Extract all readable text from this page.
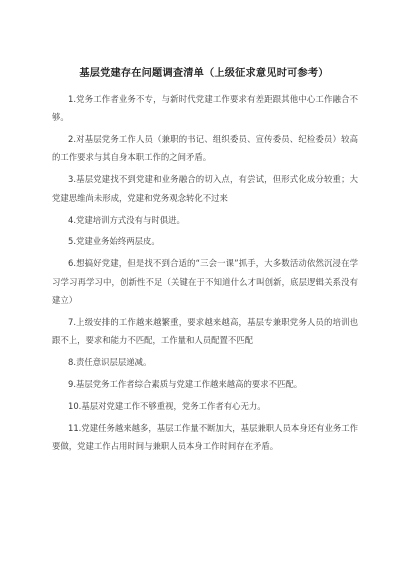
基层党建存在问题调查清单（上级征求意见时可参考）

1.党务工作者业务不专，与新时代党建工作要求有差距跟其他中心工作融合不够。

2.对基层党务工作人员（兼职的书记、组织委员、宣传委员、纪检委员）较高的工作要求与其自身本职工作的之间矛盾。

3.基层党建找不到党建和业务融合的切入点，有尝试，但形式化成分较重；大党建思维尚未形成，党建和党务观念转化不过来

4.党建培训方式没有与时俱进。

5.党建业务始终两层皮。

6.想搞好党建，但是找不到合适的“三会一课”抓手，大多数活动依然沉浸在学习学习再学习中，创新性不足（关键在于不知道什么才叫创新，底层逻辑关系没有建立）

7.上级安排的工作越来越繁重，要求越来越高，基层专兼职党务人员的培训也跟不上，要求和能力不匹配，工作量和人员配置不匹配

8.责任意识层层递减。

9.基层党务工作者综合素质与党建工作越来越高的要求不匹配。

10.基层对党建工作不够重视，党务工作者有心无力。

11.党建任务越来越多，基层工作量不断加大，基层兼职人员本身还有业务工作要做，党建工作占用时间与兼职人员本身工作时间存在矛盾。
